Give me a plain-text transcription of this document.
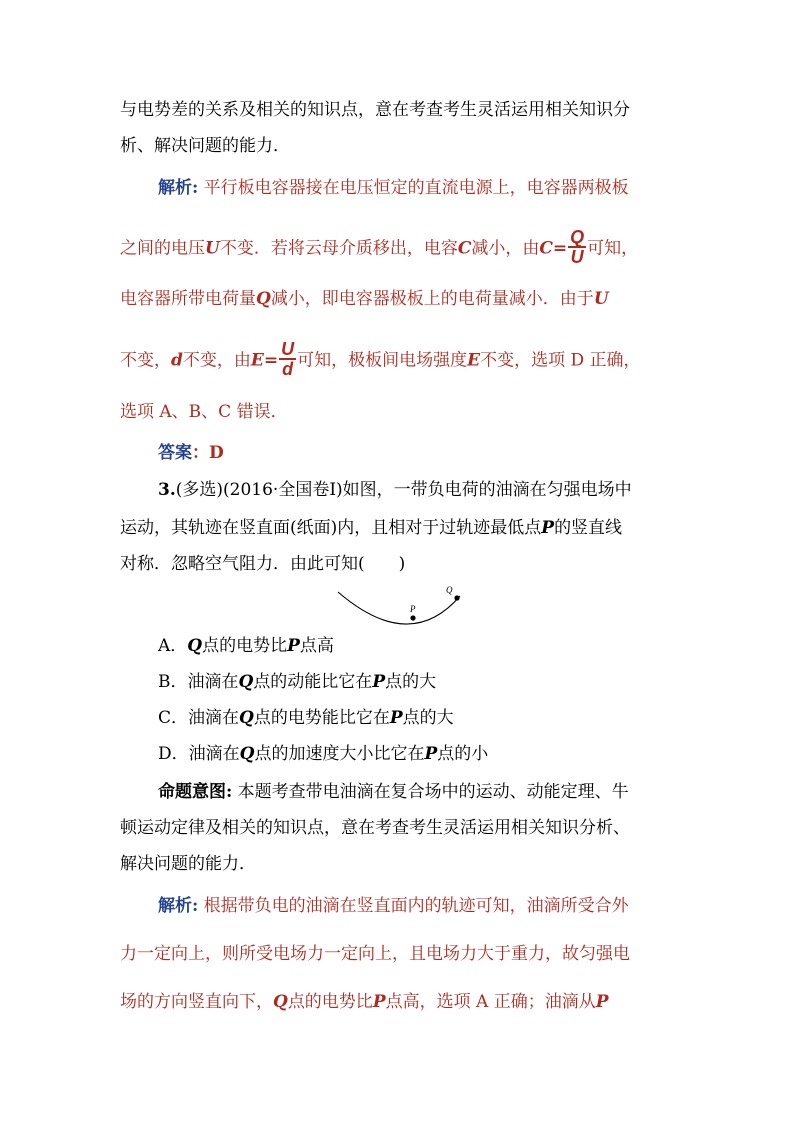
与电势差的关系及相关的知识点，意在考查考生灵活运用相关知识分
析、解决问题的能力．
解析: 平行板电容器接在电压恒定的直流电源上，电容器两极板
之间的电压U不变．若将云母介质移出，电容C减小，由$C= \frac{Q}{U}$ 可知，
电容器所带电荷量Q减小，即电容器极板上的电荷量减小．由于U
不变，d不变，由$E= \frac{U}{d}$ 可知，极板间电场强度E不变，选项 D 正确，
选项 A、B、C 错误．
答案：D
3.(多选)(2016·全国卷Ⅰ)如图，一带负电荷的油滴在匀强电场中
运动，其轨迹在竖直面(纸面)内，且相对于过轨迹最低点P的竖直线
对称．忽略空气阻力．由此可知(　　)
P
Q
A．Q点的电势比P点高
B．油滴在Q点的动能比它在P点的大
C．油滴在Q点的电势能比它在P点的大
D．油滴在Q点的加速度大小比它在P点的小
命题意图: 本题考查带电油滴在复合场中的运动、动能定理、牛
顿运动定律及相关的知识点，意在考查考生灵活运用相关知识分析、
解决问题的能力．
解析: 根据带负电的油滴在竖直面内的轨迹可知，油滴所受合外
力一定向上，则所受电场力一定向上，且电场力大于重力，故匀强电
场的方向竖直向下，Q点的电势比P点高，选项 A 正确；油滴从P
